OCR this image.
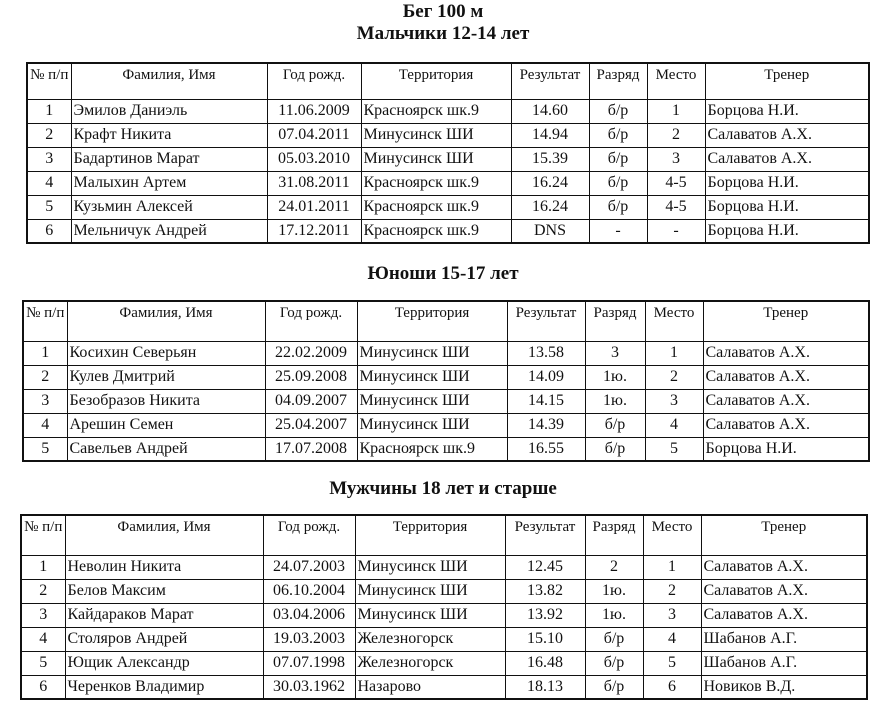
Бег 100 м
Мальчики 12-14 лет
№ п/п	Фамилия, Имя	Год рожд.	Территория	Результат	Разряд	Место	Тренер
1	Эмилов Даниэль	11.06.2009	Красноярск шк.9	14.60	б/р	1	Борцова Н.И.
2	Крафт Никита	07.04.2011	Минусинск ШИ	14.94	б/р	2	Салаватов А.Х.
3	Бадартинов Марат	05.03.2010	Минусинск ШИ	15.39	б/р	3	Салаватов А.Х.
4	Малыхин Артем	31.08.2011	Красноярск шк.9	16.24	б/р	4-5	Борцова Н.И.
5	Кузьмин Алексей	24.01.2011	Красноярск шк.9	16.24	б/р	4-5	Борцова Н.И.
6	Мельничук Андрей	17.12.2011	Красноярск шк.9	DNS	-	-	Борцова Н.И.
Юноши 15-17 лет
№ п/п	Фамилия, Имя	Год рожд.	Территория	Результат	Разряд	Место	Тренер
1	Косихин Северьян	22.02.2009	Минусинск ШИ	13.58	3	1	Салаватов А.Х.
2	Кулев Дмитрий	25.09.2008	Минусинск ШИ	14.09	1ю.	2	Салаватов А.Х.
3	Безобразов Никита	04.09.2007	Минусинск ШИ	14.15	1ю.	3	Салаватов А.Х.
4	Арешин Семен	25.04.2007	Минусинск ШИ	14.39	б/р	4	Салаватов А.Х.
5	Савельев Андрей	17.07.2008	Красноярск шк.9	16.55	б/р	5	Борцова Н.И.
Мужчины 18 лет и старше
№ п/п	Фамилия, Имя	Год рожд.	Территория	Результат	Разряд	Место	Тренер
1	Неволин Никита	24.07.2003	Минусинск ШИ	12.45	2	1	Салаватов А.Х.
2	Белов Максим	06.10.2004	Минусинск ШИ	13.82	1ю.	2	Салаватов А.Х.
3	Кайдараков Марат	03.04.2006	Минусинск ШИ	13.92	1ю.	3	Салаватов А.Х.
4	Столяров Андрей	19.03.2003	Железногорск	15.10	б/р	4	Шабанов А.Г.
5	Ющик Александр	07.07.1998	Железногорск	16.48	б/р	5	Шабанов А.Г.
6	Черенков Владимир	30.03.1962	Назарово	18.13	б/р	6	Новиков В.Д.
